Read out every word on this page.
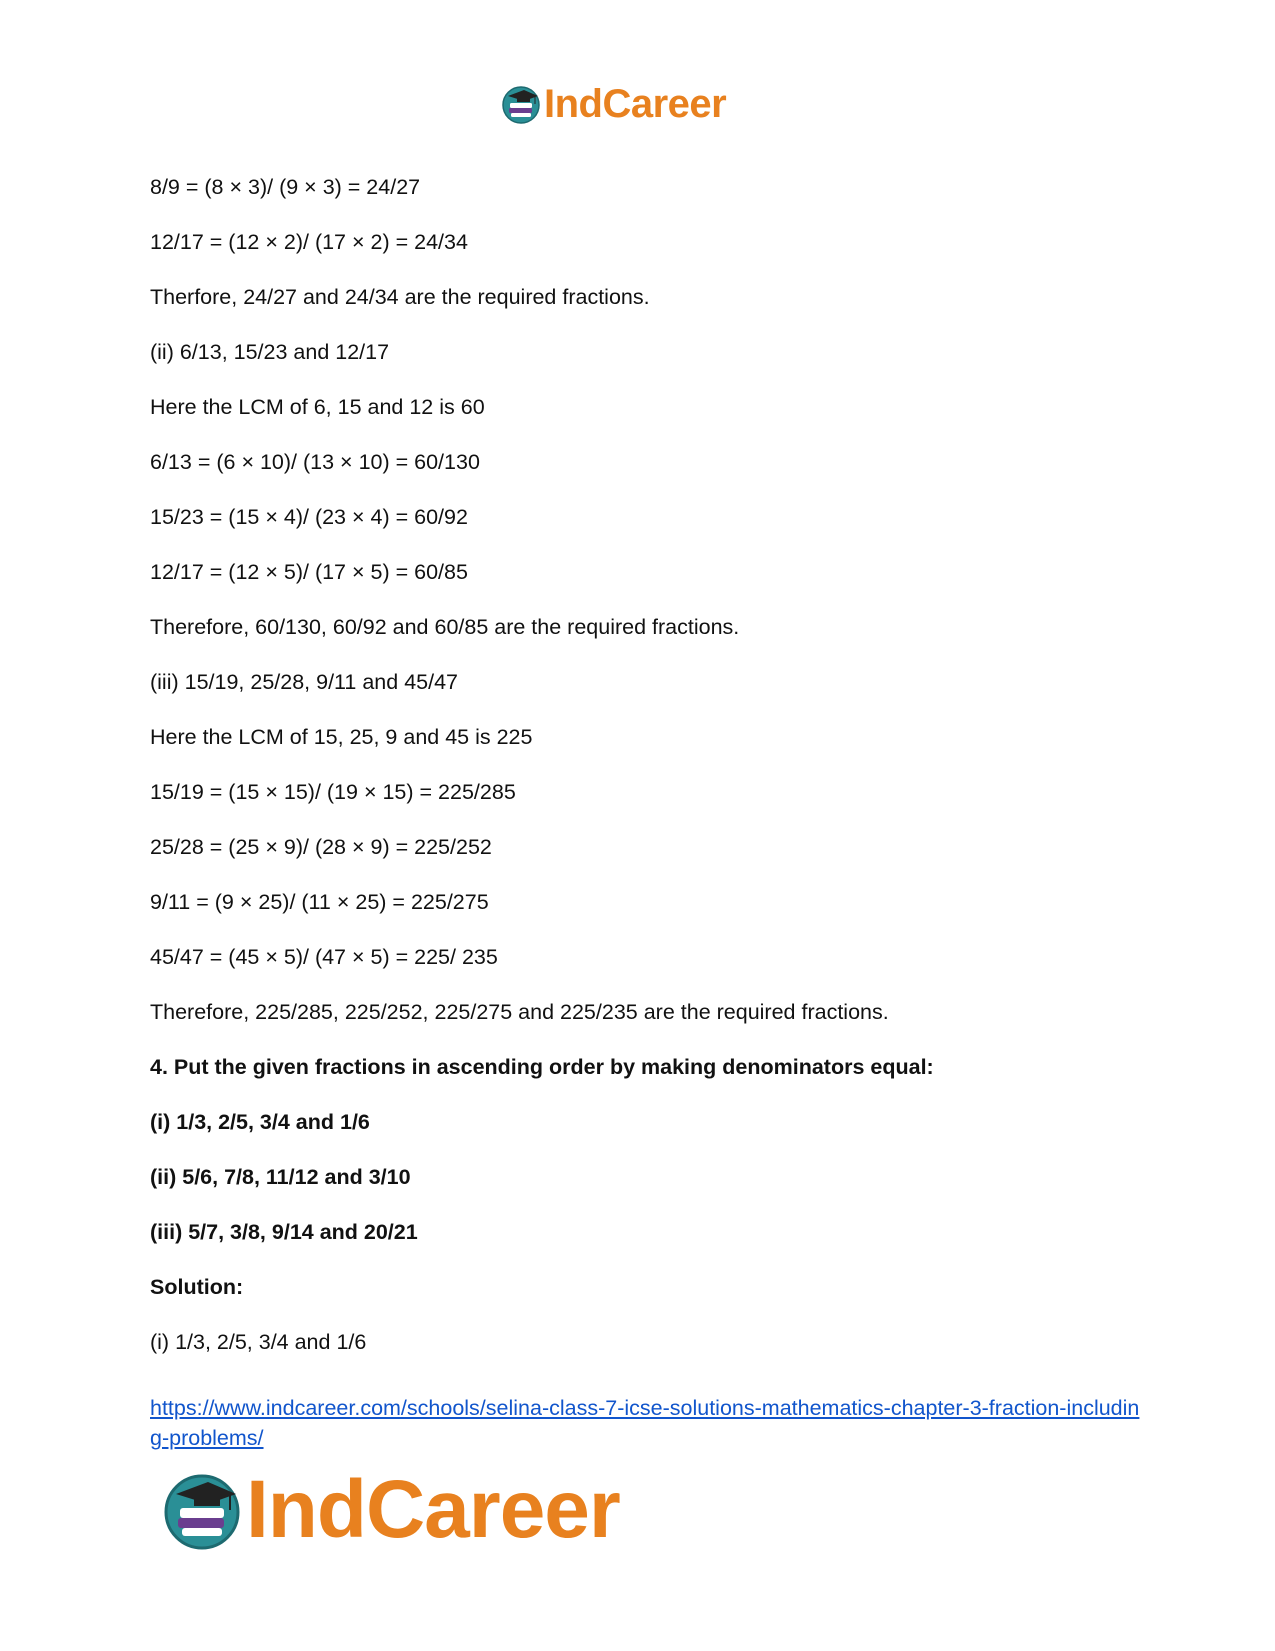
IndCareer

8/9 = (8 × 3)/ (9 × 3) = 24/27

12/17 = (12 × 2)/ (17 × 2) = 24/34

Therfore, 24/27 and 24/34 are the required fractions.

(ii) 6/13, 15/23 and 12/17

Here the LCM of 6, 15 and 12 is 60

6/13 = (6 × 10)/ (13 × 10) = 60/130

15/23 = (15 × 4)/ (23 × 4) = 60/92

12/17 = (12 × 5)/ (17 × 5) = 60/85

Therefore, 60/130, 60/92 and 60/85 are the required fractions.

(iii) 15/19, 25/28, 9/11 and 45/47

Here the LCM of 15, 25, 9 and 45 is 225

15/19 = (15 × 15)/ (19 × 15) = 225/285

25/28 = (25 × 9)/ (28 × 9) = 225/252

9/11 = (9 × 25)/ (11 × 25) = 225/275

45/47 = (45 × 5)/ (47 × 5) = 225/ 235

Therefore, 225/285, 225/252, 225/275 and 225/235 are the required fractions.

4. Put the given fractions in ascending order by making denominators equal:

(i) 1/3, 2/5, 3/4 and 1/6

(ii) 5/6, 7/8, 11/12 and 3/10

(iii) 5/7, 3/8, 9/14 and 20/21

Solution:

(i) 1/3, 2/5, 3/4 and 1/6

https://www.indcareer.com/schools/selina-class-7-icse-solutions-mathematics-chapter-3-fraction-including-problems/
IndCareer
